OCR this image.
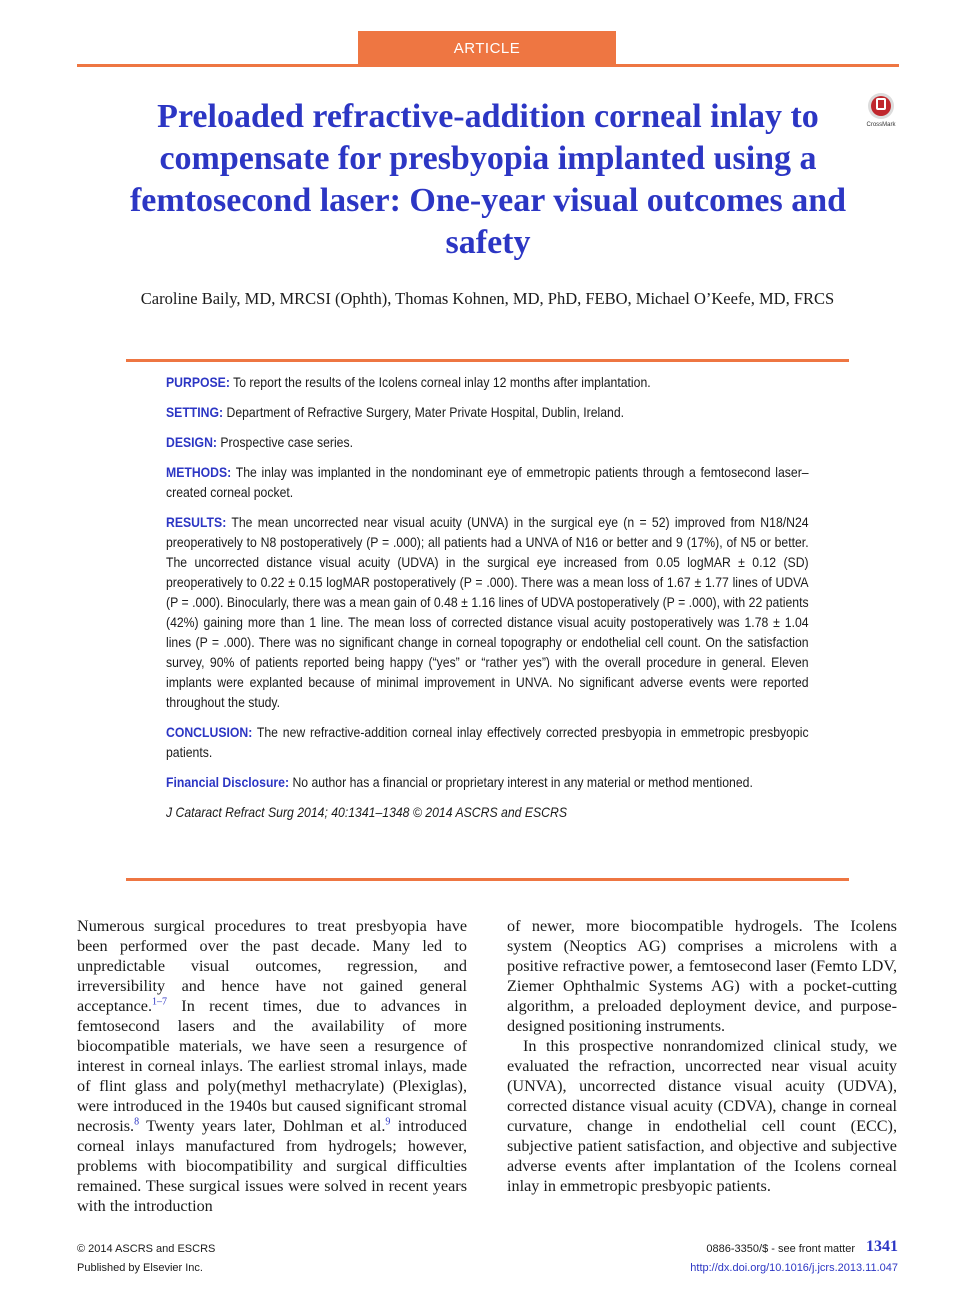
ARTICLE
Preloaded refractive-addition corneal inlay to compensate for presbyopia implanted using a femtosecond laser: One-year visual outcomes and safety
CrossMark
Caroline Baily, MD, MRCSI (Ophth), Thomas Kohnen, MD, PhD, FEBO, Michael O’Keefe, MD, FRCS

PURPOSE: To report the results of the Icolens corneal inlay 12 months after implantation.

SETTING: Department of Refractive Surgery, Mater Private Hospital, Dublin, Ireland.

DESIGN: Prospective case series.

METHODS: The inlay was implanted in the nondominant eye of emmetropic patients through a femtosecond laser–created corneal pocket.

RESULTS: The mean uncorrected near visual acuity (UNVA) in the surgical eye (n = 52) improved from N18/N24 preoperatively to N8 postoperatively (P = .000); all patients had a UNVA of N16 or better and 9 (17%), of N5 or better. The uncorrected distance visual acuity (UDVA) in the surgical eye increased from 0.05 logMAR ± 0.12 (SD) preoperatively to 0.22 ± 0.15 logMAR postoperatively (P = .000). There was a mean loss of 1.67 ± 1.77 lines of UDVA (P = .000). Binocularly, there was a mean gain of 0.48 ± 1.16 lines of UDVA postoperatively (P = .000), with 22 patients (42%) gaining more than 1 line. The mean loss of corrected distance visual acuity postoperatively was 1.78 ± 1.04 lines (P = .000). There was no significant change in corneal topography or endothelial cell count. On the satisfaction survey, 90% of patients reported being happy (“yes” or “rather yes”) with the overall procedure in general. Eleven implants were explanted because of minimal improvement in UNVA. No significant adverse events were reported throughout the study.

CONCLUSION: The new refractive-addition corneal inlay effectively corrected presbyopia in emmetropic presbyopic patients.

Financial Disclosure: No author has a financial or proprietary interest in any material or method mentioned.

J Cataract Refract Surg 2014; 40:1341–1348 © 2014 ASCRS and ESCRS

Numerous surgical procedures to treat presbyopia have been performed over the past decade. Many led to unpredictable visual outcomes, regression, and irreversibility and hence have not gained general acceptance.$^{1-7}$ In recent times, due to advances in femtosecond lasers and the availability of more biocompatible materials, we have seen a resurgence of interest in corneal inlays. The earliest stromal inlays, made of flint glass and poly(methyl methacrylate) (Plexiglas), were introduced in the 1940s but caused significant stromal necrosis.$^8$ Twenty years later, Dohlman et al.$^9$ introduced corneal inlays manufactured from hydrogels; however, problems with biocompatibility and surgical difficulties remained. These surgical issues were solved in recent years with the introduction

of newer, more biocompatible hydrogels. The Icolens system (Neoptics AG) comprises a microlens with a positive refractive power, a femtosecond laser (Femto LDV, Ziemer Ophthalmic Systems AG) with a pocket-cutting algorithm, a preloaded deployment device, and purpose-designed positioning instruments.

In this prospective nonrandomized clinical study, we evaluated the refraction, uncorrected near visual acuity (UNVA), uncorrected distance visual acuity (UDVA), corrected distance visual acuity (CDVA), change in corneal curvature, change in endothelial cell count (ECC), subjective patient satisfaction, and objective and subjective adverse events after implantation of the Icolens corneal inlay in emmetropic presbyopic patients.

© 2014 ASCRS and ESCRS
Published by Elsevier Inc.
0886-3350/$ - see front matter 1341
http://dx.doi.org/10.1016/j.jcrs.2013.11.047
